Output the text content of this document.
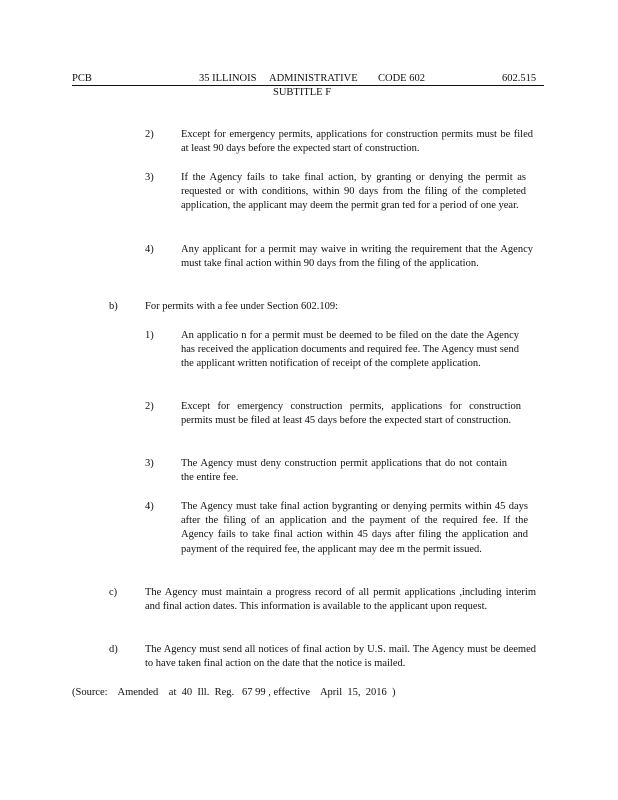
PCB	35 ILLINOIS ADMINISTRATIVE CODE 602	602.515
SUBTITLE F
2)	Except for emergency permits, applications for construction permits must be filed at least 90 days before the expected start of construction.
3)	If the Agency fails to take final action, by granting or denying the permit as requested or with conditions, within 90 days from the filing of the completed application, the applicant may deem the permit gran ted for a period of one year.
4)	Any applicant for a permit may waive in writing the requirement that the Agency must take final action within 90 days from the filing of the application.
b)	For permits with a fee under Section 602.109:
1)	An applicatio n for a permit must be deemed to be filed on the date the Agency has received the application documents and required fee. The Agency must send the applicant written notification of receipt of the complete application.
2)	Except for emergency construction permits, applications for construction permits must be filed at least 45 days before the expected start of construction.
3)	The Agency must deny construction permit applications that do not contain the entire fee.
4)	The Agency must take final action bygranting or denying permits within 45 days after the filing of an application and the payment of the required fee. If the Agency fails to take final action within 45 days after filing the application and payment of the required fee, the applicant may dee m the permit issued.
c)	The Agency must maintain a progress record of all permit applications ,including interim and final action dates. This information is available to the applicant upon request.
d)	The Agency must send all notices of final action by U.S. mail. The Agency must be deemed to have taken final action on the date that the notice is mailed.
(Source:    Amended    at  40  Ill.  Reg.   67 99 , effective    April  15,  2016  )
